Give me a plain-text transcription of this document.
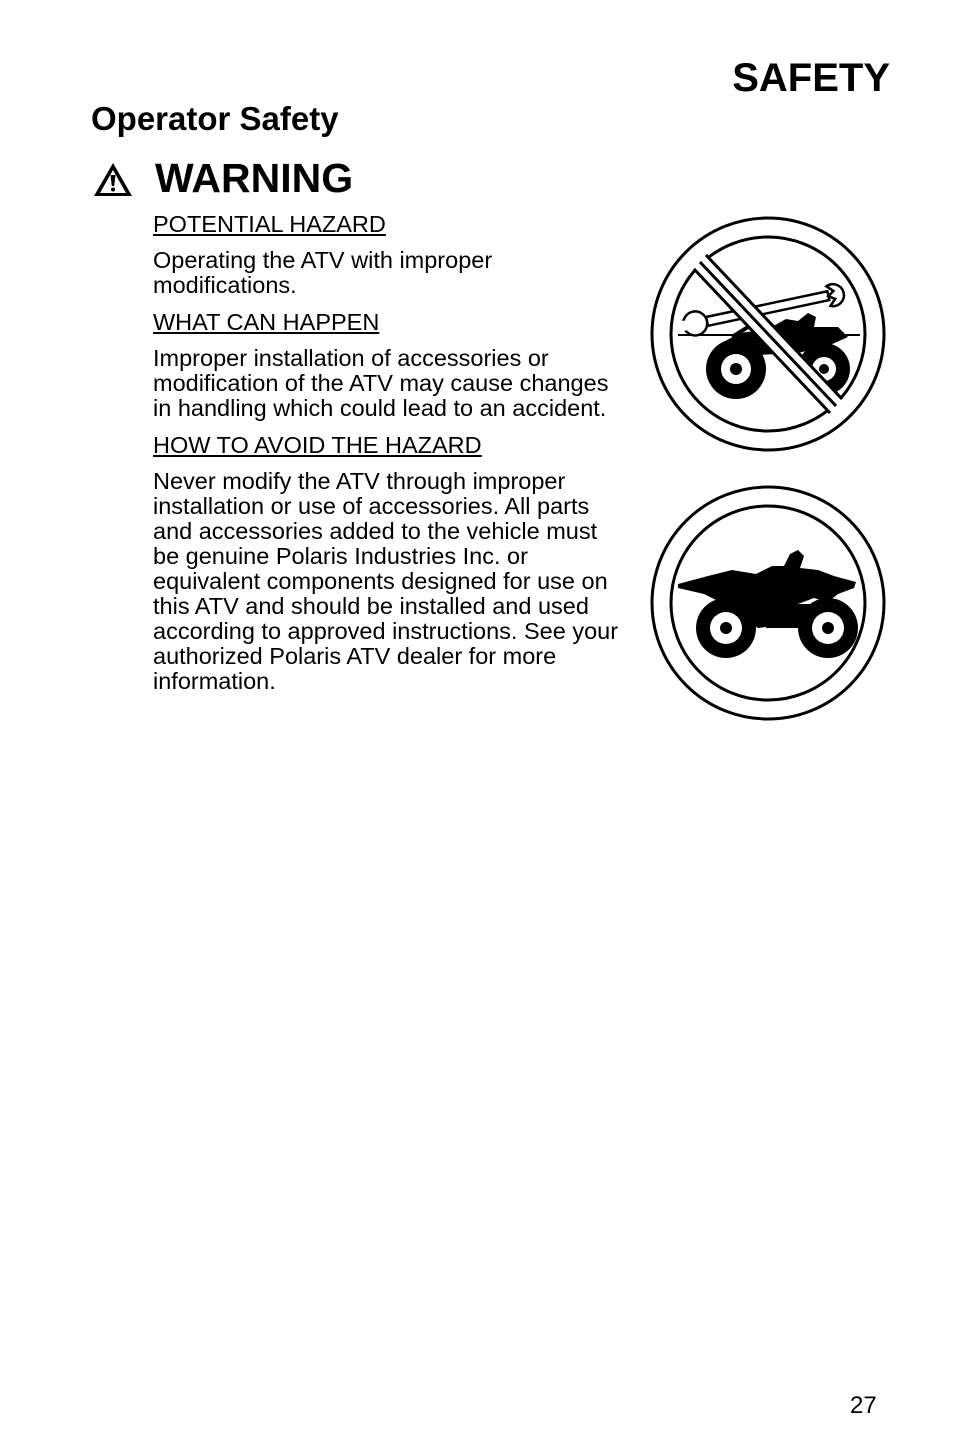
SAFETY
Operator Safety
WARNING

POTENTIAL HAZARD

Operating the ATV with improper modifications.

WHAT CAN HAPPEN

Improper installation of accessories or modification of the ATV may cause changes in handling which could lead to an accident.

HOW TO AVOID THE HAZARD

Never modify the ATV through improper installation or use of accessories. All parts and accessories added to the vehicle must be genuine Polaris Industries Inc. or equivalent components designed for use on this ATV and should be installed and used according to approved instructions. See your authorized Polaris ATV dealer for more information.

27
